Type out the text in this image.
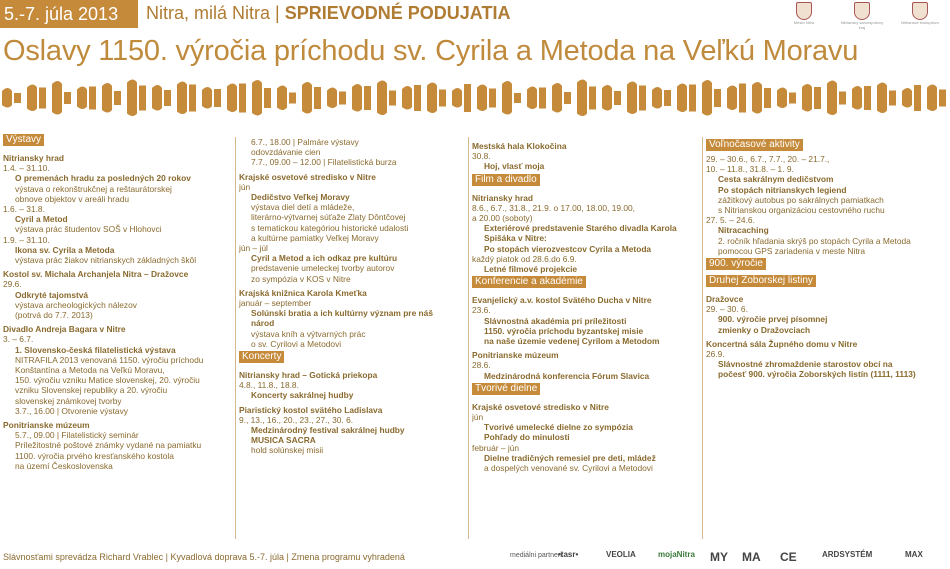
5.-7. júla 2013	Nitra, milá Nitra | SPRIEVODNÉ PODUJATIA	Mesto Nitra	Nitriansky samosprávny kraj
Nitrianske biskupstvo
Oslavy 1150. výročia príchodu sv. Cyrila a Metoda na Veľkú Moravu
Výstavy
Nitriansky hrad
1.4. – 31.10.
O premenách hradu za posledných 20 rokov
výstava o rekonštrukčnej a reštaurátorskej
obnove objektov v areáli hradu
1.6. – 31.8.
Cyril a Metod
výstava prác študentov SOŠ v Hlohovci
1.9. – 31.10.
Ikona sv. Cyrila a Metoda
výstava prác žiakov nitrianskych základných škôl
Kostol sv. Michala Archanjela Nitra – Dražovce
29.6.
Odkryté tajomstvá
výstava archeologických nálezov
(potrvá do 7.7. 2013)
Divadlo Andreja Bagara v Nitre
3. – 6.7.
1. Slovensko-česká filatelistická výstava
NITRAFILA 2013 venovaná 1150. výročiu príchodu
Konštantína a Metoda na Veľkú Moravu,
150. výročiu vzniku Matice slovenskej, 20. výročiu
vzniku Slovenskej republiky a 20. výročiu
slovenskej známkovej tvorby
3.7., 16.00 | Otvorenie výstavy
Ponitrianske múzeum
5.7., 09.00 | Filatelistický seminár
Príležitostné poštové známky vydané na pamiatku
1100. výročia prvého kresťanského kostola
na území Československa
6.7., 18.00 | Palmáre výstavy
odovzdávanie cien
7.7., 09.00 – 12.00 | Filatelistická burza
Krajské osvetové stredisko v Nitre
jún
Dedičstvo Veľkej Moravy
výstava diel detí a mládeže,
literárno-výtvarnej súťaže Zlaty Dôntčovej
s tematickou kategóriou historické udalosti
a kultúrne pamiatky Veľkej Moravy
jún – júl
Cyril a Metod a ich odkaz pre kultúru
predstavenie umeleckej tvorby autorov
zo sympózia v KOS v Nitre
Krajská knižnica Karola Kmeťka
január – september
Solúnski bratia a ich kultúrny význam pre náš
národ
výstava kníh a výtvarných prác
o sv. Cyrilovi a Metodovi
Koncerty
Nitriansky hrad – Gotická priekopa
4.8., 11.8., 18.8.
Koncerty sakrálnej hudby
Piaristický kostol svätého Ladislava
9., 13., 16., 20., 23., 27., 30. 6.
Medzinárodný festival sakrálnej hudby
MUSICA SACRA
hold solúnskej misii
Mestská hala Klokočina
30.8.
Hoj, vlasť moja
Film a divadlo
Nitriansky hrad
8.6., 6.7., 31.8., 21.9. o 17.00, 18.00, 19.00,
a 20.00 (soboty)
Exteriérové predstavenie Starého divadla Karola
Spišáka v Nitre:
Po stopách vierozvestcov Cyrila a Metoda
každý piatok od 28.6.do 6.9.
Letné filmové projekcie
Konferencie a akadémie
Evanjelický a.v. kostol Svätého Ducha v Nitre
23.6.
Slávnostná akadémia pri príležitosti
1150. výročia príchodu byzantskej misie
na naše územie vedenej Cyrilom a Metodom
Ponitrianske múzeum
28.6.
Medzinárodná konferencia Fórum Slavica
Tvorivé dielne
Krajské osvetové stredisko v Nitre
jún
Tvorivé umelecké dielne zo sympózia
Pohľady do minulosti
február – jún
Dielne tradičných remesiel pre deti, mládež
a dospelých venované sv. Cyrilovi a Metodovi
Voľnočasové aktivity
29. – 30.6., 6.7., 7.7., 20. – 21.7.,
10. – 11.8., 31.8. – 1. 9.
Cesta sakrálnym dedičstvom
Po stopách nitrianskych legiend
zážitkový autobus po sakrálnych pamiatkach
s Nitrianskou organizáciou cestovného ruchu
27. 5. – 24.6.
Nitracaching
2. ročník hľadania skrýš po stopách Cyrila a Metoda
pomocou GPS zariadenia v meste Nitra
900. výročie
Druhej Zoborskej listiny
Dražovce
29. – 30. 6.
900. výročie prvej písomnej
zmienky o Dražovciach
Koncertná sála Župného domu v Nitre
26.9.
Slávnostné zhromaždenie starostov obcí na
počesť 900. výročia Zoborských listín (1111, 1113)
Slávnosťami sprevádza Richard Vrablec | Kyvadlová doprava 5.-7. júla | Zmena programu vyhradená	mediálni partneri:
•tasr•	VEOLIA	mojaNitra MY MA CE	ARDSYSTÉM	MAX
